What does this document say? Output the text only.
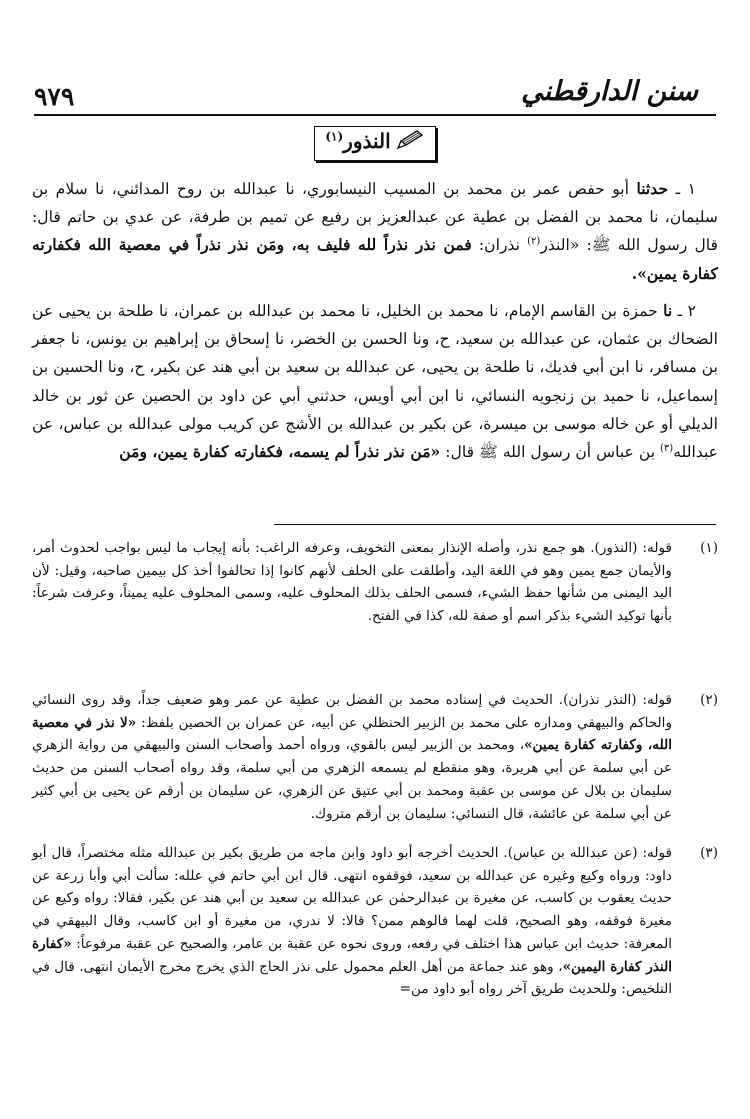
٩٧٩	سنن الدارقطني
النذور$^{(١)}$

١ ـ حدثنا أبو حفص عمر بن محمد بن المسيب النيسابوري، نا عبدالله بن روح المدائني، نا سلام بن سليمان، نا محمد بن الفضل بن عطية عن عبدالعزيز بن رفيع عن تميم بن طرفة، عن عدي بن حاتم قال: قال رسول الله ﷺ: «النذر$^{(٢)}$ نذران: فمن نذر نذراً لله فليف به، ومَن نذر نذراً في معصية الله فكفارته كفارة يمين».

٢ ـ نا حمزة بن القاسم الإمام، نا محمد بن الخليل، نا محمد بن عبدالله بن عمران، نا طلحة بن يحيى عن الضحاك بن عثمان، عن عبدالله بن سعيد، ح، ونا الحسن بن الخضر، نا إسحاق بن إبراهيم بن يونس، نا جعفر بن مسافر، نا ابن أبي فديك، نا طلحة بن يحيى، عن عبدالله بن سعيد بن أبي هند عن بكير، ح، ونا الحسين بن إسماعيل، نا حميد بن زنجويه النسائي، نا ابن أبي أويس، حدثني أبي عن داود بن الحصين عن ثور بن خالد الديلي أو عن خاله موسى بن ميسرة، عن بكير بن عبدالله بن الأشج عن كريب مولى عبدالله بن عباس، عن عبدالله$^{(٣)}$ بن عباس أن رسول الله ﷺ قال: «مَن نذر نذراً لم يسمه، فكفارته كفارة يمين، ومَن

(١)
قوله: (النذور). هو جمع نذر، وأصله الإنذار بمعنى التخويف، وعرفه الراغب: بأنه إيجاب ما ليس بواجب لحدوث أمر، والأيمان جمع يمين وهو في اللغة اليد، وأطلقت على الحلف لأنهم كانوا إذا تحالفوا أخذ كل بيمين صاحبه، وقيل: لأن اليد اليمنى من شأنها حفظ الشيء، فسمى الحلف بذلك المحلوف عليه، وسمى المحلوف عليه يميناً، وعرفت شرعاً: بأنها توكيد الشيء بذكر اسم أو صفة لله، كذا في الفتح.
(٢)
قوله: (النذر نذران). الحديث في إسناده محمد بن الفضل بن عطية عن عمر وهو ضعيف جداً، وقد روى النسائي والحاكم والبيهقي ومداره على محمد بن الزبير الحنظلي عن أبيه، عن عمران بن الحصين بلفظ: «لا نذر في معصية الله، وكفارته كفارة يمين»، ومحمد بن الزبير ليس بالقوي، ورواه أحمد وأصحاب السنن والبيهقي من رواية الزهري عن أبي سلمة عن أبي هريرة، وهو منقطع لم يسمعه الزهري من أبي سلمة، وقد رواه أصحاب السنن من حديث سليمان بن بلال عن موسى بن عقبة ومحمد بن أبي عتيق عن الزهري، عن سليمان بن أرقم عن يحيى بن أبي كثير عن أبي سلمة عن عائشة، قال النسائي: سليمان بن أرقم متروك.
(٣)
قوله: (عن عبدالله بن عباس). الحديث أخرجه أبو داود وابن ماجه من طريق بكير بن عبدالله مثله مختصراً، قال أبو داود: ورواه وكيع وغيره عن عبدالله بن سعيد، فوقفوه انتهى. قال ابن أبي حاتم في علله: سألت أبي وأبا زرعة عن حديث يعقوب بن كاسب، عن مغيرة بن عبدالرحمٰن عن عبدالله بن سعيد بن أبي هند عن بكير، فقالا: رواه وكيع عن مغيرة فوقفه، وهو الصحيح، قلت لهما فالوهم ممن؟ قالا: لا ندري، من مغيرة أو ابن كاسب، وقال البيهقي في المعرفة: حديث ابن عباس هذا اختلف في رفعه، وروى نحوه عن عقبة بن عامر، والصحيح عن عقبة مرفوعاً: «كفارة النذر كفارة اليمين»، وهو عند جماعة من أهل العلم محمول على نذر الحاج الذي يخرج مخرج الأيمان انتهى. قال في التلخيص: وللحديث طريق آخر رواه أبو داود من=
